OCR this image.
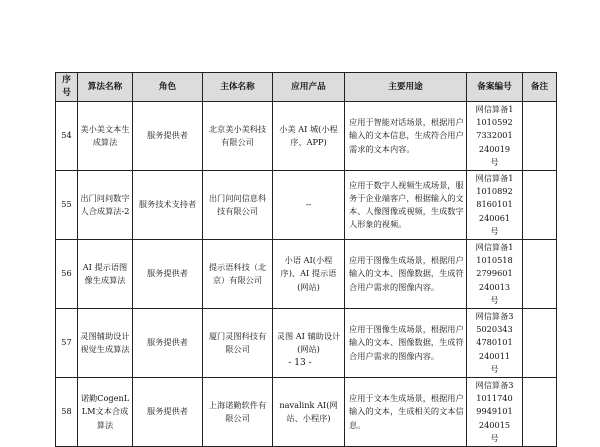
序号	算法名称	角色	主体名称	应用产品	主要用途	备案编号	备注
54	美小美文本生成算法	服务提供者	北京美小美科技有限公司	小美 AI 城(小程序、APP)	应用于智能对话场景，根据用户输入的文本信息，生成符合用户需求的文本内容。	网信算备110105927332001240019 号	
55	出门问问数字人合成算法-2	服务技术支持者	出门问问信息科技有限公司	--	应用于数字人视频生成场景，服务于企业端客户，根据输入的文本、人像图像或视频，生成数字人形象的视频。	网信算备110108928160101240061 号	
56	AI 提示语图像生成算法	服务提供者	提示语科技（北京）有限公司	小语 AI(小程序)、AI 提示语(网站)	应用于图像生成场景，根据用户输入的文本、图像数据，生成符合用户需求的图像内容。	网信算备110105182799601240013 号	
57	灵图辅助设计视觉生成算法	服务提供者	厦门灵图科技有限公司	灵图 AI 辅助设计(网站)	应用于图像生成场景，根据用户输入的文本、图像数据，生成符合用户需求的图像内容。	网信算备350203434780101240011 号	
58	诺勤CogenLLM文本合成算法	服务提供者	上海诺勤软件有限公司	navalink AI(网站、小程序)	应用于文本生成场景，根据用户输入的文本，生成相关的文本信息。	网信算备310117409949101240015 号	
- 13 -
